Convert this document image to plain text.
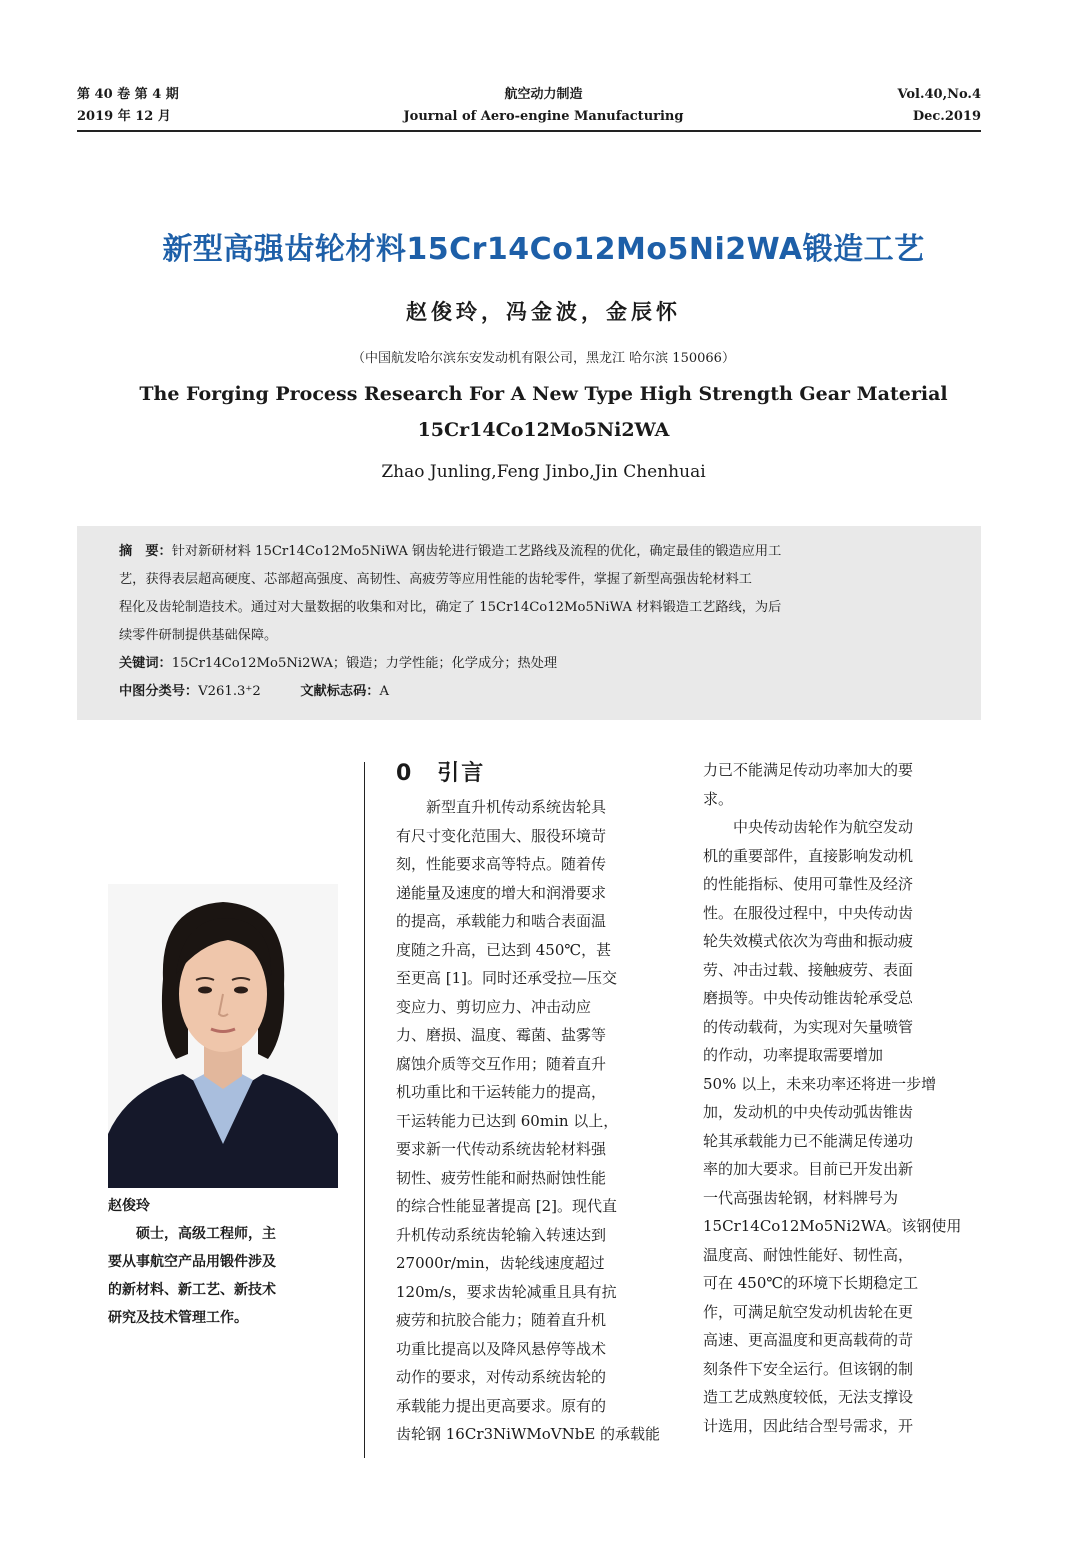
第 40 卷 第 4 期
2019 年 12 月
航空动力制造
Journal of Aero-engine Manufacturing
Vol.40,No.4
Dec.2019
新型高强齿轮材料15Cr14Co12Mo5Ni2WA锻造工艺
赵俊玲，冯金波，金辰怀
（中国航发哈尔滨东安发动机有限公司，黑龙江 哈尔滨 150066）
The Forging Process Research For A New Type High Strength Gear Material
15Cr14Co12Mo5Ni2WA
Zhao Junling,Feng Jinbo,Jin Chenhuai

摘　要：针对新研材料 15Cr14Co12Mo5NiWA 钢齿轮进行锻造工艺路线及流程的优化，确定最佳的锻造应用工

艺，获得表层超高硬度、芯部超高强度、高韧性、高疲劳等应用性能的齿轮零件，掌握了新型高强齿轮材料工

程化及齿轮制造技术。通过对大量数据的收集和对比，确定了 15Cr14Co12Mo5NiWA 材料锻造工艺路线，为后

续零件研制提供基础保障。

关键词：15Cr14Co12Mo5Ni2WA；锻造；力学性能；化学成分；热处理

中图分类号：V261.3⁺2　　　	文献标志码：A

赵俊玲
　　硕士，高级工程师，主
要从事航空产品用锻件涉及
的新材料、新工艺、新技术
研究及技术管理工作。
0　引言
　　新型直升机传动系统齿轮具
有尺寸变化范围大、服役环境苛
刻，性能要求高等特点。随着传
递能量及速度的增大和润滑要求
的提高，承载能力和啮合表面温
度随之升高，已达到 450℃，甚
至更高 [1]。同时还承受拉—压交
变应力、剪切应力、冲击动应
力、磨损、温度、霉菌、盐雾等
腐蚀介质等交互作用；随着直升
机功重比和干运转能力的提高，
干运转能力已达到 60min 以上，
要求新一代传动系统齿轮材料强
韧性、疲劳性能和耐热耐蚀性能
的综合性能显著提高 [2]。现代直
升机传动系统齿轮输入转速达到
27000r/min，齿轮线速度超过
120m/s，要求齿轮减重且具有抗
疲劳和抗胶合能力；随着直升机
功重比提高以及降风悬停等战术
动作的要求，对传动系统齿轮的
承载能力提出更高要求。原有的
齿轮钢 16Cr3NiWMoVNbE 的承载能
力已不能满足传动功率加大的要
求。
　　中央传动齿轮作为航空发动
机的重要部件，直接影响发动机
的性能指标、使用可靠性及经济
性。在服役过程中，中央传动齿
轮失效模式依次为弯曲和振动疲
劳、冲击过载、接触疲劳、表面
磨损等。中央传动锥齿轮承受总
的传动载荷，为实现对矢量喷管
的作动，功率提取需要增加
50% 以上，未来功率还将进一步增
加，发动机的中央传动弧齿锥齿
轮其承载能力已不能满足传递功
率的加大要求。目前已开发出新
一代高强齿轮钢，材料牌号为
15Cr14Co12Mo5Ni2WA。该钢使用
温度高、耐蚀性能好、韧性高，
可在 450℃的环境下长期稳定工
作，可满足航空发动机齿轮在更
高速、更高温度和更高载荷的苛
刻条件下安全运行。但该钢的制
造工艺成熟度较低，无法支撑设
计选用，因此结合型号需求，开
